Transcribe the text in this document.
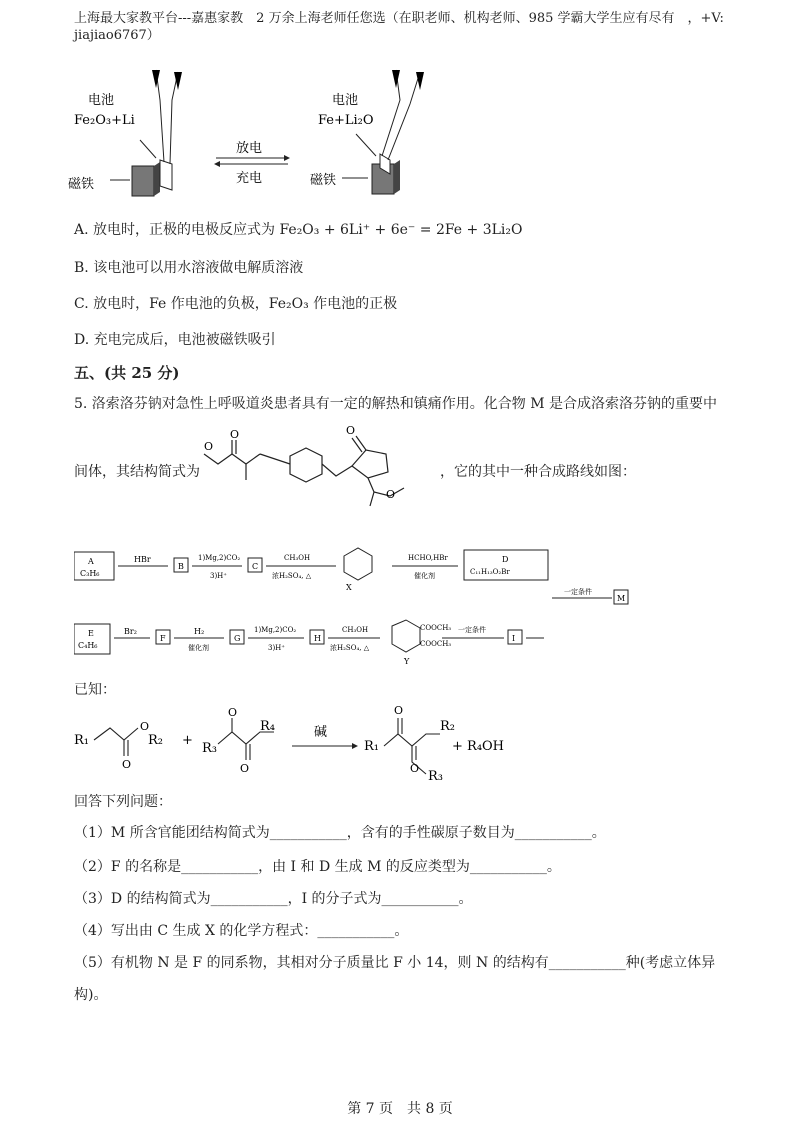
上海最大家教平台---嘉惠家教　2 万余上海老师任您选（在职老师、机构老师、985 学霸大学生应有尽有　，+V: jiajiao6767）
电池
Fe₂O₃+Li
磁铁
放电
充电
电池
Fe+Li₂O
磁铁
A. 放电时，正极的电极反应式为 Fe₂O₃ + 6Li⁺ + 6e⁻ = 2Fe + 3Li₂O
B. 该电池可以用水溶液做电解质溶液
C. 放电时，Fe 作电池的负极，Fe₂O₃ 作电池的正极
D. 充电完成后，电池被磁铁吸引
五、(共 25 分)
5. 洛索洛芬钠对急性上呼吸道炎患者具有一定的解热和镇痛作用。化合物 M 是合成洛索洛芬钠的重要中
间体，其结构简式为	，它的其中一种合成路线如图：
O
O	O
O
A
C₃H₆
HBr
B
1)Mg,2)CO₂
3)H⁺
C
CH₃OH
浓H₂SO₄, △
X
HCHO,HBr
催化剂
D
C₁₁H₁₃O₂Br
一定条件
M
E
C₄H₆
Br₂
F
H₂
催化剂
G
1)Mg,2)CO₂
3)H⁺
H
CH₃OH
浓H₂SO₄, △
COOCH₃
COOCH₃
Y
一定条件
I
已知：
R₁
O
R₂
O
+
R₃
O
R₄
O
碱
R₁
O
R₂
O
R₃
+ R₄OH
回答下列问题：
（1）M 所含官能团结构简式为___________，含有的手性碳原子数目为___________。
（2）F 的名称是___________，由 I 和 D 生成 M 的反应类型为___________。
（3）D 的结构简式为___________，I 的分子式为___________。
（4）写出由 C 生成 X 的化学方程式：___________。
（5）有机物 N 是 F 的同系物，其相对分子质量比 F 小 14，则 N 的结构有___________种(考虑立体异
构)。
第 7 页　共 8 页
